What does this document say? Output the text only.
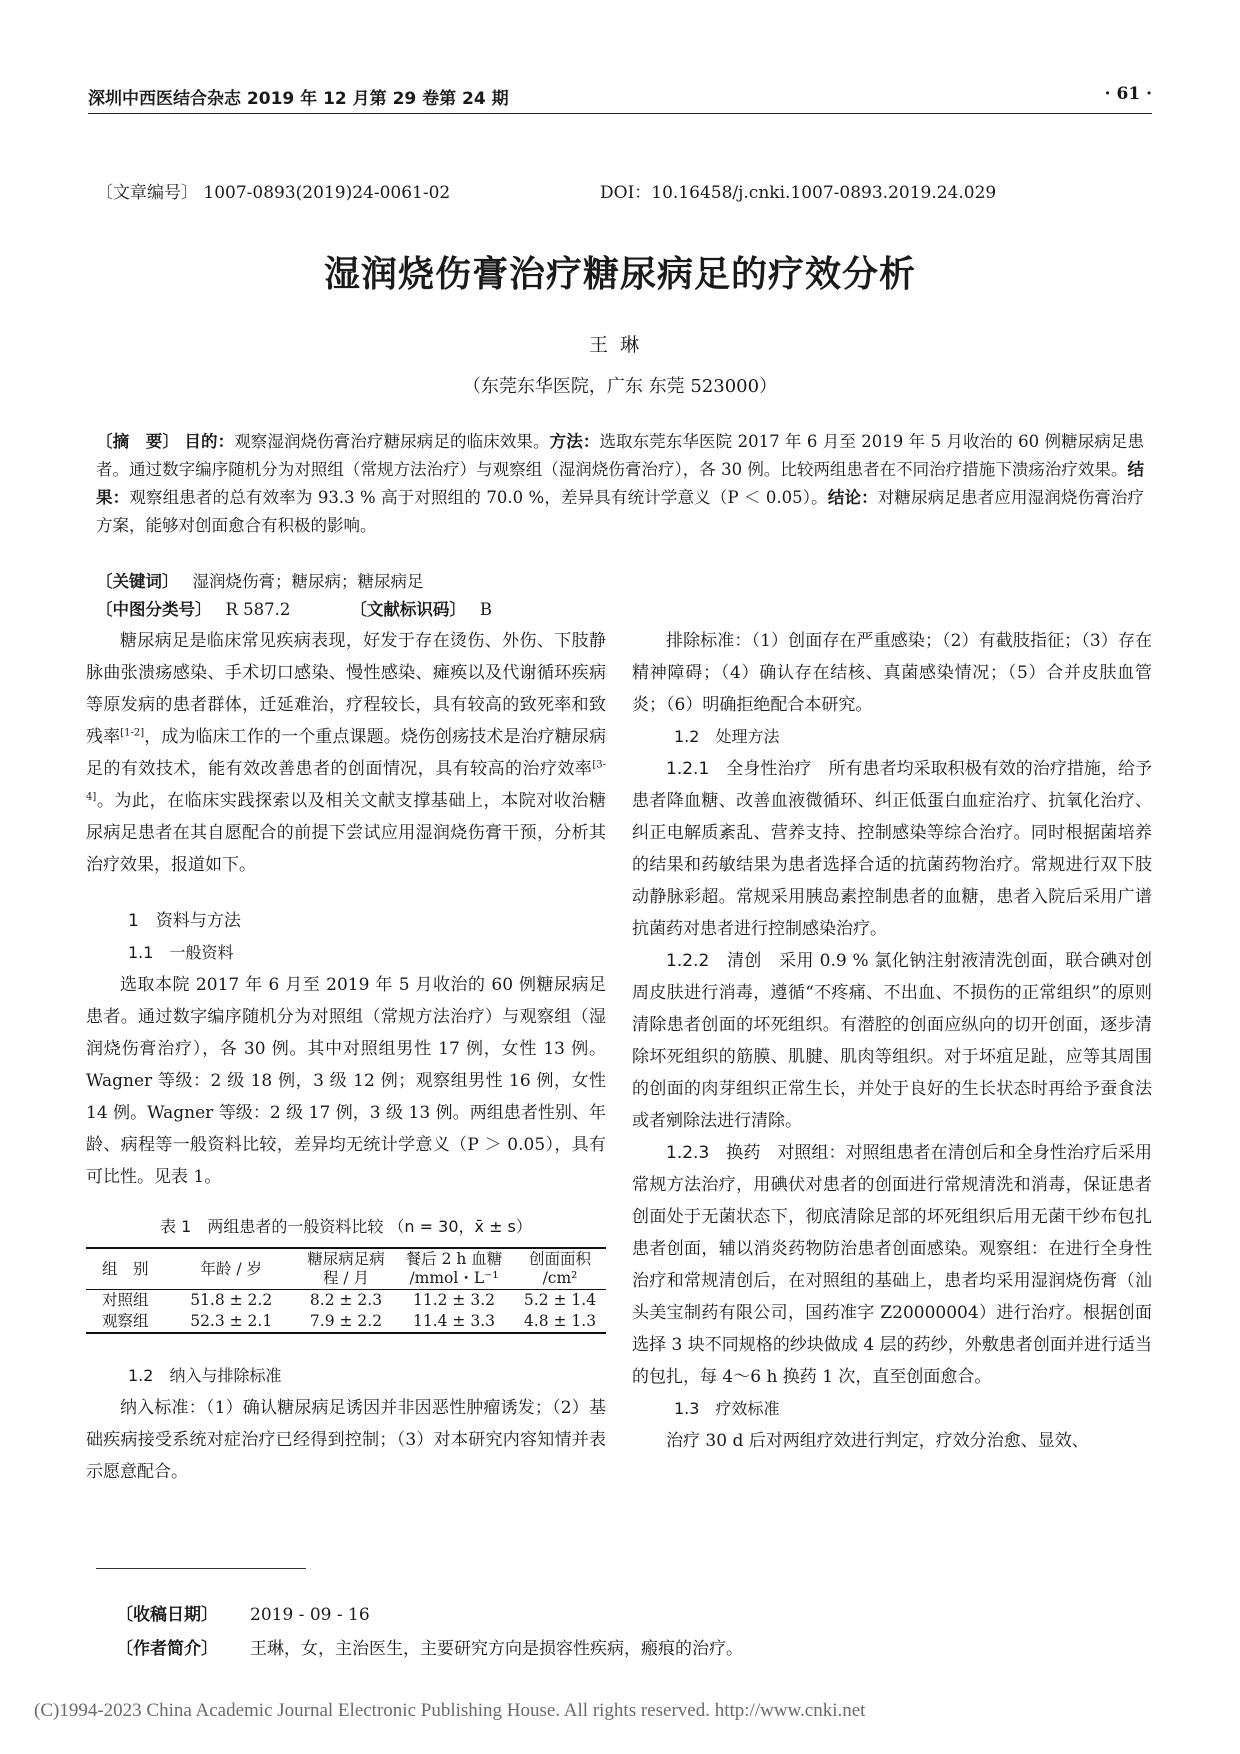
深圳中西医结合杂志 2019 年 12 月第 29 卷第 24 期	· 61 ·
〔文章编号〕 1007-0893(2019)24-0061-02	DOI：10.16458/j.cnki.1007-0893.2019.24.029
湿润烧伤膏治疗糖尿病足的疗效分析
王琳
（东莞东华医院，广东 东莞 523000）
〔摘　要〕 目的：观察湿润烧伤膏治疗糖尿病足的临床效果。方法：选取东莞东华医院 2017 年 6 月至 2019 年 5 月收治的 60 例糖尿病足患者。通过数字编序随机分为对照组（常规方法治疗）与观察组（湿润烧伤膏治疗），各 30 例。比较两组患者在不同治疗措施下溃疡治疗效果。结果：观察组患者的总有效率为 93.3 % 高于对照组的 70.0 %，差异具有统计学意义（P ＜ 0.05）。结论：对糖尿病足患者应用湿润烧伤膏治疗方案，能够对创面愈合有积极的影响。
〔关键词〕 湿润烧伤膏；糖尿病；糖尿病足
〔中图分类号〕 R 587.2	〔文献标识码〕 B

糖尿病足是临床常见疾病表现，好发于存在烫伤、外伤、下肢静脉曲张溃疡感染、手术切口感染、慢性感染、瘫痪以及代谢循环疾病等原发病的患者群体，迁延难治，疗程较长，具有较高的致死率和致残率[1-2]，成为临床工作的一个重点课题。烧伤创疡技术是治疗糖尿病足的有效技术，能有效改善患者的创面情况，具有较高的治疗效率[3-4]。为此，在临床实践探索以及相关文献支撑基础上，本院对收治糖尿病足患者在其自愿配合的前提下尝试应用湿润烧伤膏干预，分析其治疗效果，报道如下。

1　资料与方法
1.1　一般资料

选取本院 2017 年 6 月至 2019 年 5 月收治的 60 例糖尿病足患者。通过数字编序随机分为对照组（常规方法治疗）与观察组（湿润烧伤膏治疗），各 30 例。其中对照组男性 17 例，女性 13 例。Wagner 等级：2 级 18 例，3 级 12 例；观察组男性 16 例，女性 14 例。Wagner 等级：2 级 17 例，3 级 13 例。两组患者性别、年龄、病程等一般资料比较，差异均无统计学意义（P ＞ 0.05），具有可比性。见表 1。

表 1　两组患者的一般资料比较 （n = 30，x̄ ± s）

组　别	年龄 / 岁	糖尿病足病程 / 月	餐后 2 h 血糖 /mmol・L⁻¹	创面面积 /cm²
对照组	51.8 ± 2.2	8.2 ± 2.3	11.2 ± 3.2	5.2 ± 1.4
观察组	52.3 ± 2.1	7.9 ± 2.2	11.4 ± 3.3	4.8 ± 1.3
1.2　纳入与排除标准

纳入标准：（1）确认糖尿病足诱因并非因恶性肿瘤诱发；（2）基础疾病接受系统对症治疗已经得到控制；（3）对本研究内容知情并表示愿意配合。

排除标准：（1）创面存在严重感染；（2）有截肢指征；（3）存在精神障碍；（4）确认存在结核、真菌感染情况；（5）合并皮肤血管炎；（6）明确拒绝配合本研究。

1.2　处理方法

1.2.1　全身性治疗　 所有患者均采取积极有效的治疗措施，给予患者降血糖、改善血液微循环、纠正低蛋白血症治疗、抗氧化治疗、纠正电解质紊乱、营养支持、控制感染等综合治疗。同时根据菌培养的结果和药敏结果为患者选择合适的抗菌药物治疗。常规进行双下肢动静脉彩超。常规采用胰岛素控制患者的血糖，患者入院后采用广谱抗菌药对患者进行控制感染治疗。

1.2.2　清创　 采用 0.9 % 氯化钠注射液清洗创面，联合碘对创周皮肤进行消毒，遵循“不疼痛、不出血、不损伤的正常组织”的原则清除患者创面的坏死组织。有潜腔的创面应纵向的切开创面，逐步清除坏死组织的筋膜、肌腱、肌肉等组织。对于坏疽足趾，应等其周围的创面的肉芽组织正常生长，并处于良好的生长状态时再给予蚕食法或者剜除法进行清除。

1.2.3　换药　 对照组：对照组患者在清创后和全身性治疗后采用常规方法治疗，用碘伏对患者的创面进行常规清洗和消毒，保证患者创面处于无菌状态下，彻底清除足部的坏死组织后用无菌干纱布包扎患者创面，辅以消炎药物防治患者创面感染。观察组：在进行全身性治疗和常规清创后，在对照组的基础上，患者均采用湿润烧伤膏（汕头美宝制药有限公司，国药准字 Z20000004）进行治疗。根据创面选择 3 块不同规格的纱块做成 4 层的药纱，外敷患者创面并进行适当的包扎，每 4～6 h 换药 1 次，直至创面愈合。

1.3　疗效标准

治疗 30 d 后对两组疗效进行判定，疗效分治愈、显效、

〔收稿日期〕 2019 - 09 - 16
〔作者简介〕 王琳，女，主治医生，主要研究方向是损容性疾病，瘢痕的治疗。
(C)1994-2023 China Academic Journal Electronic Publishing House. All rights reserved. http://www.cnki.net
